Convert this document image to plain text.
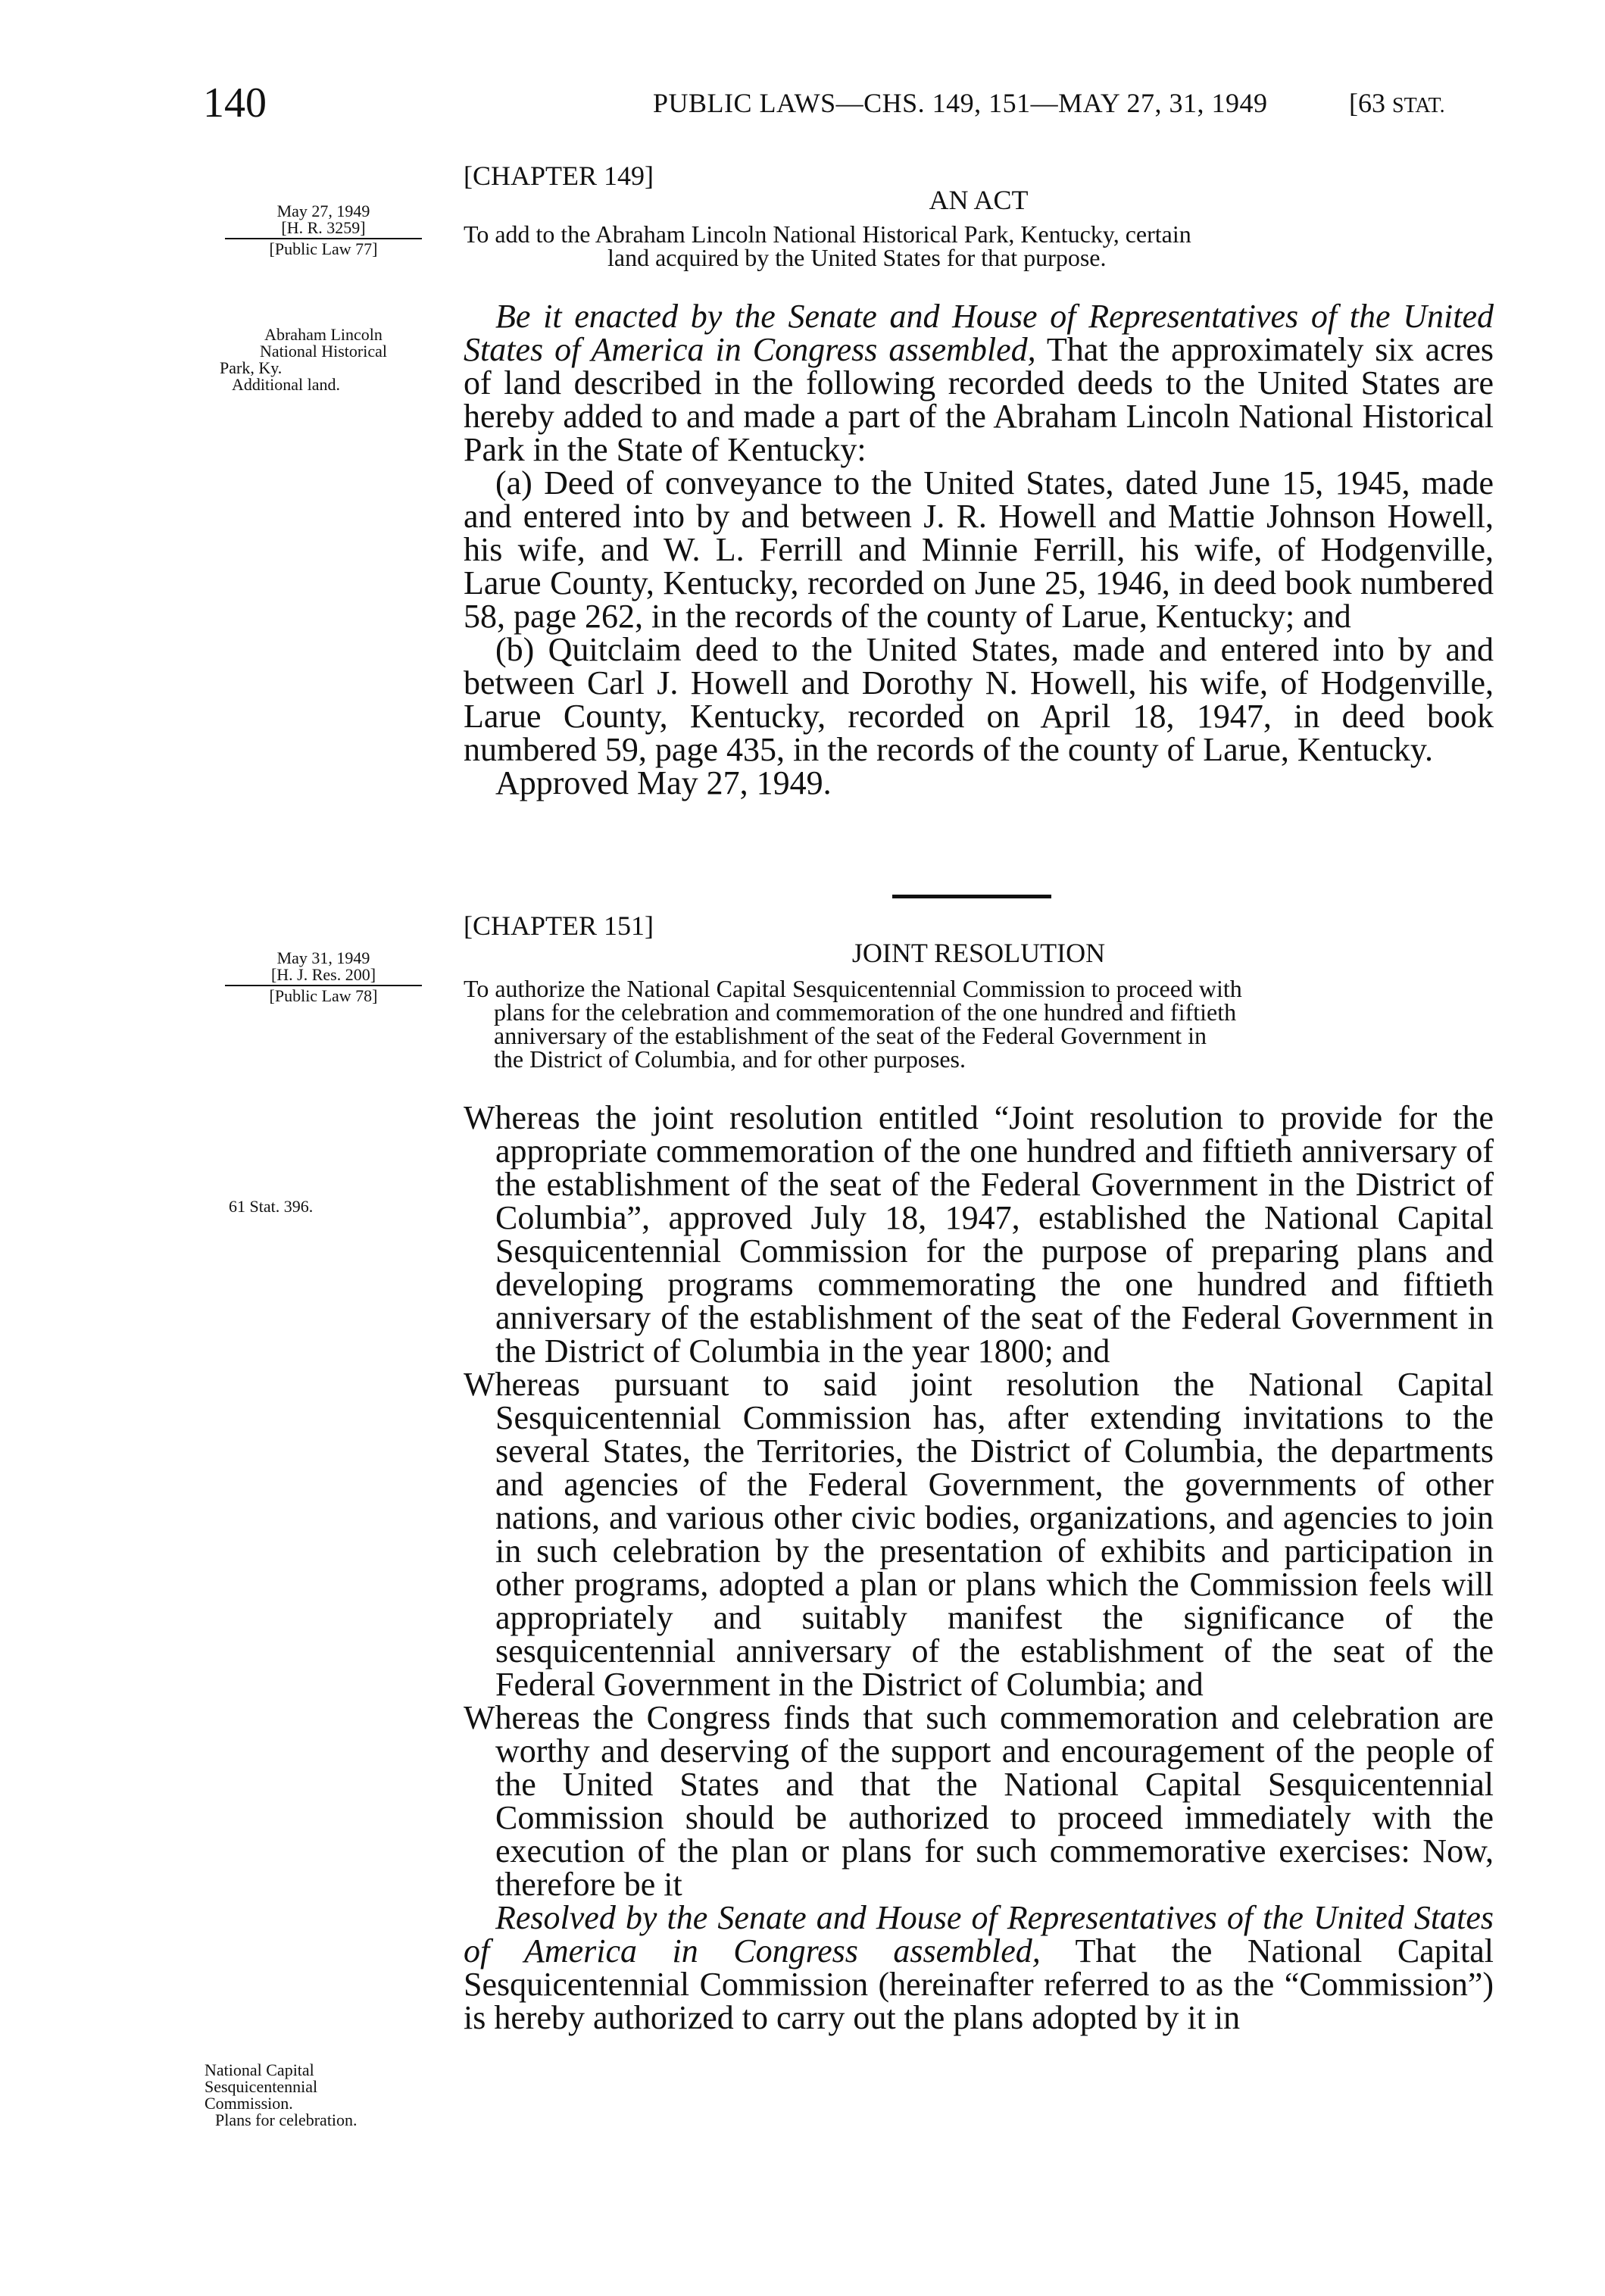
140	PUBLIC LAWS—CHS. 149, 151—MAY 27, 31, 1949	[63 STAT.
[CHAPTER 149]
AN ACT
May 27, 1949
[H. R. 3259]
[Public Law 77]
To add to the Abraham Lincoln National Historical Park, Kentucky, certain
land acquired by the United States for that purpose.
Abraham Lincoln
National Historical
Park, Ky.
Additional land.

Be it enacted by the Senate and House of Representatives of the United States of America in Congress assembled, That the approximately six acres of land described in the following recorded deeds to the United States are hereby added to and made a part of the Abraham Lincoln National Historical Park in the State of Kentucky:

(a) Deed of conveyance to the United States, dated June 15, 1945, made and entered into by and between J. R. Howell and Mattie Johnson Howell, his wife, and W. L. Ferrill and Minnie Ferrill, his wife, of Hodgenville, Larue County, Kentucky, recorded on June 25, 1946, in deed book numbered 58, page 262, in the records of the county of Larue, Kentucky; and

(b) Quitclaim deed to the United States, made and entered into by and between Carl J. Howell and Dorothy N. Howell, his wife, of Hodgenville, Larue County, Kentucky, recorded on April 18, 1947, in deed book numbered 59, page 435, in the records of the county of Larue, Kentucky.

Approved May 27, 1949.

[CHAPTER 151]
JOINT RESOLUTION
May 31, 1949
[H. J. Res. 200]
[Public Law 78]	To authorize the National Capital Sesquicentennial Commission to proceed with
plans for the celebration and commemoration of the one hundred and fiftieth
anniversary of the establishment of the seat of the Federal Government in
the District of Columbia, and for other purposes.
61 Stat. 396.

Whereas the joint resolution entitled “Joint resolution to provide for the appropriate commemoration of the one hundred and fiftieth anniversary of the establishment of the seat of the Federal Government in the District of Columbia”, approved July 18, 1947, established the National Capital Sesquicentennial Commission for the purpose of preparing plans and developing programs commemorating the one hundred and fiftieth anniversary of the establishment of the seat of the Federal Government in the District of Columbia in the year 1800; and

Whereas pursuant to said joint resolution the National Capital Sesquicentennial Commission has, after extending invitations to the several States, the Territories, the District of Columbia, the departments and agencies of the Federal Government, the governments of other nations, and various other civic bodies, organizations, and agencies to join in such celebration by the presentation of exhibits and participation in other programs, adopted a plan or plans which the Commission feels will appropriately and suitably manifest the significance of the sesquicentennial anniversary of the establishment of the seat of the Federal Government in the District of Columbia; and

Whereas the Congress finds that such commemoration and celebration are worthy and deserving of the support and encouragement of the people of the United States and that the National Capital Sesquicentennial Commission should be authorized to proceed immediately with the execution of the plan or plans for such commemorative exercises: Now, therefore be it

Resolved by the Senate and House of Representatives of the United States of America in Congress assembled, That the National Capital Sesquicentennial Commission (hereinafter referred to as the “Commission”) is hereby authorized to carry out the plans adopted by it in

National Capital
Sesquicentennial
Commission.
Plans for celebration.
